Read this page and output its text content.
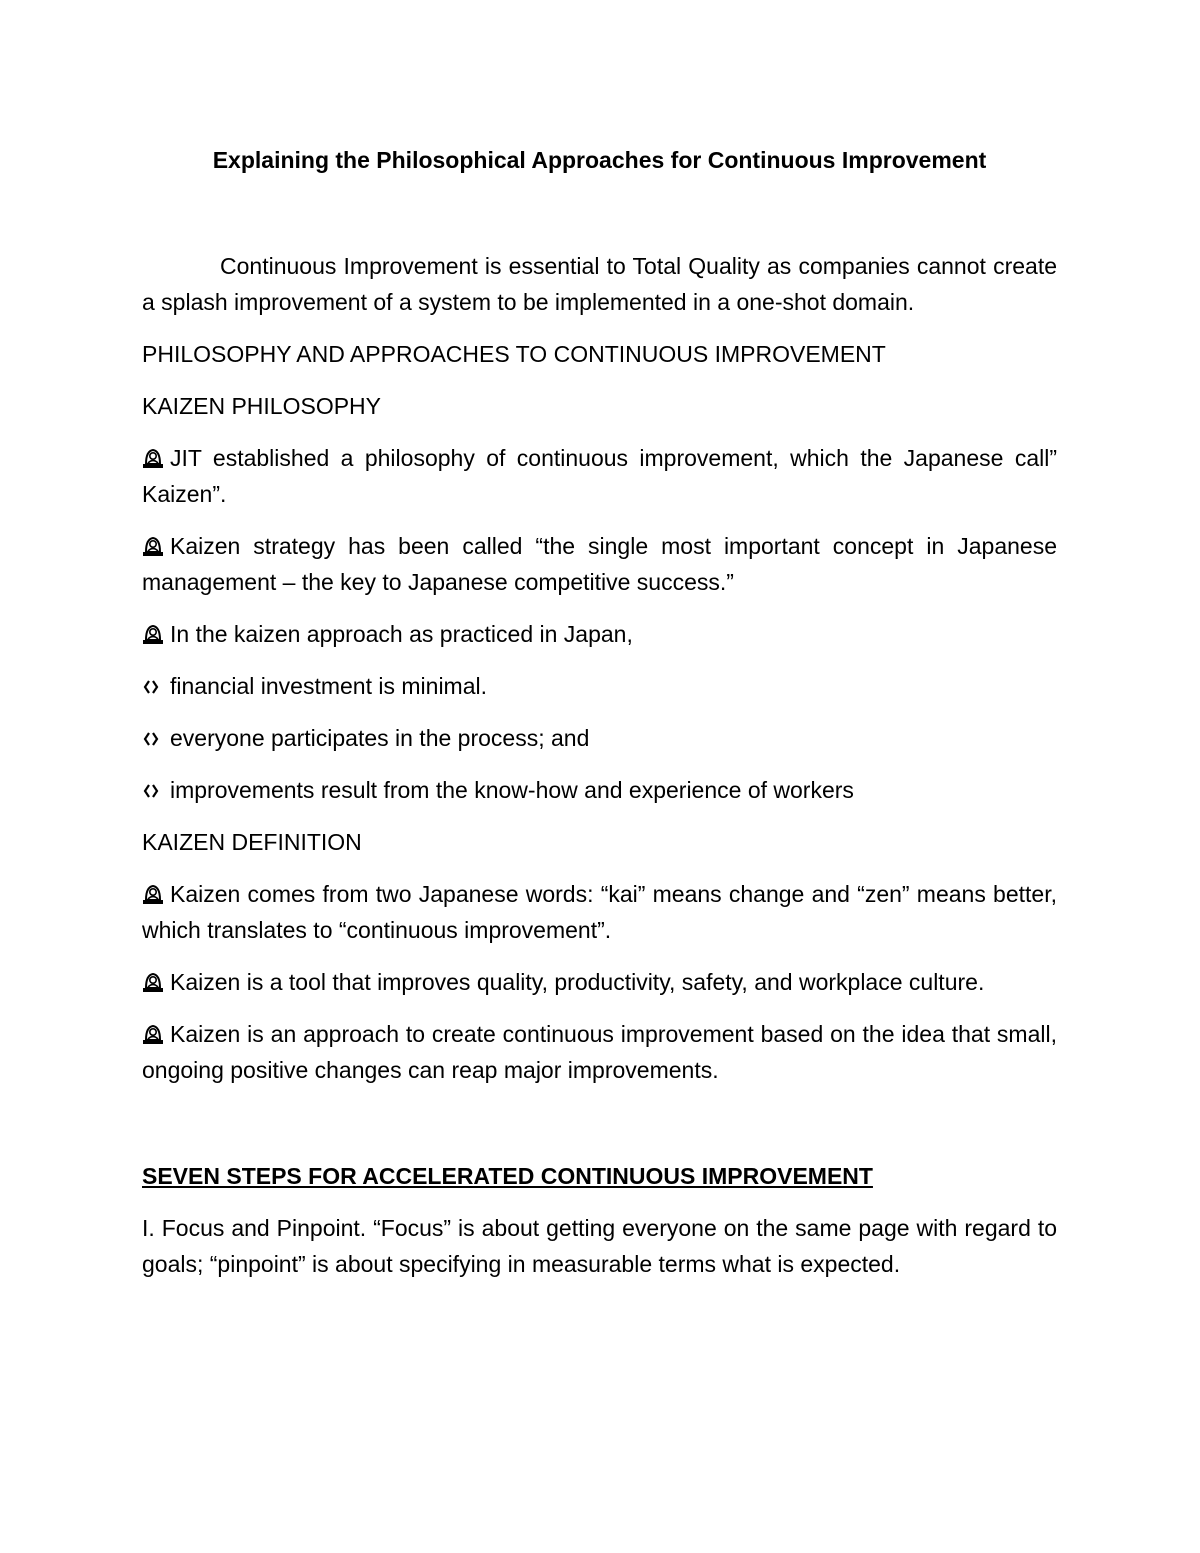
Explaining the Philosophical Approaches for Continuous Improvement

Continuous Improvement is essential to Total Quality as companies cannot create a splash improvement of a system to be implemented in a one-shot domain.

PHILOSOPHY AND APPROACHES TO CONTINUOUS IMPROVEMENT

KAIZEN PHILOSOPHY

JIT established a philosophy of continuous improvement, which the Japanese call” Kaizen”.

Kaizen strategy has been called “the single most important concept in Japanese management – the key to Japanese competitive success.”

In the kaizen approach as practiced in Japan,

financial investment is minimal.

everyone participates in the process; and

improvements result from the know-how and experience of workers

KAIZEN DEFINITION

Kaizen comes from two Japanese words: “kai” means change and “zen” means better, which translates to “continuous improvement”.

Kaizen is a tool that improves quality, productivity, safety, and workplace culture.

Kaizen is an approach to create continuous improvement based on the idea that small, ongoing positive changes can reap major improvements.

SEVEN STEPS FOR ACCELERATED CONTINUOUS IMPROVEMENT

I. Focus and Pinpoint. “Focus” is about getting everyone on the same page with regard to goals; “pinpoint” is about specifying in measurable terms what is expected.
